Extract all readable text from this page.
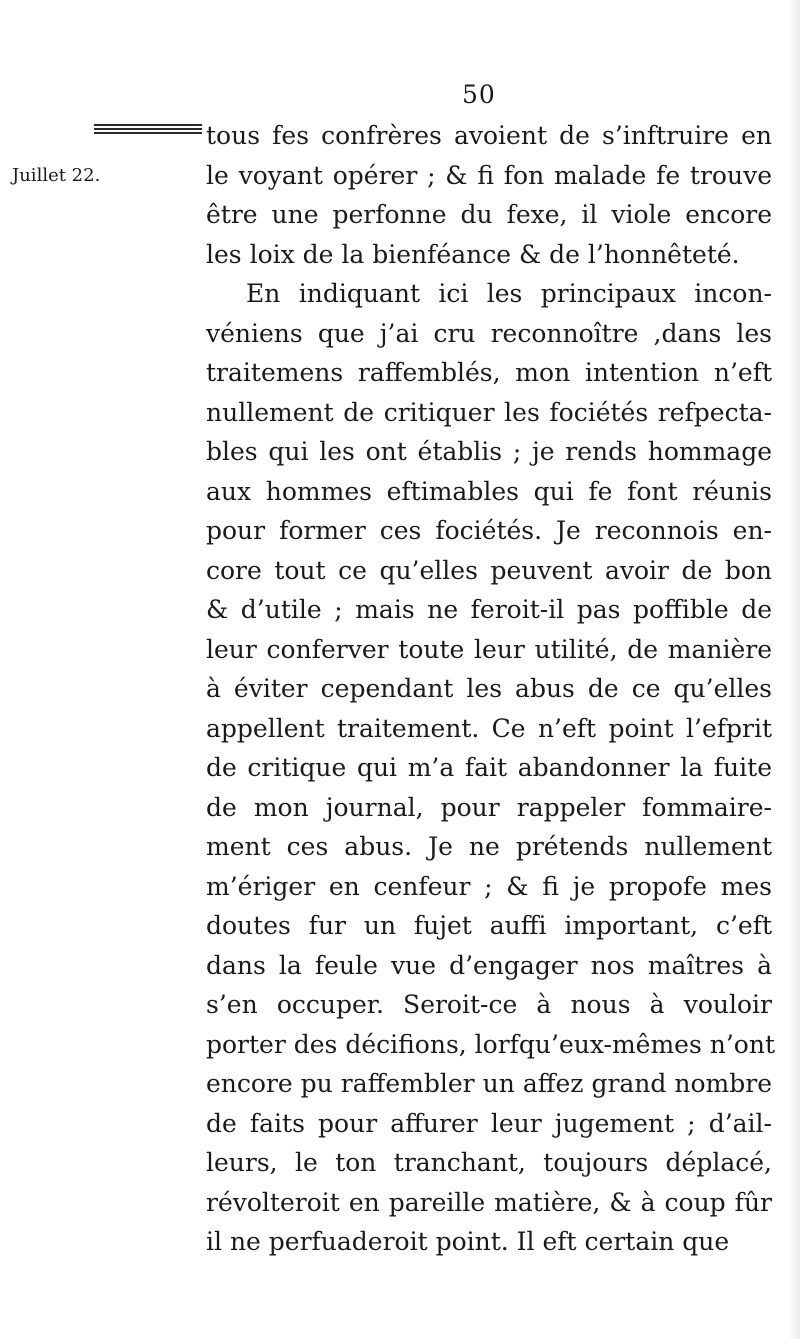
50
Juillet 22.
tous fes confrères avoient de s’inftruire en
le voyant opérer ; & fi fon malade fe trouve
être une perfonne du fexe, il viole encore
les loix de la bienféance & de l’honnêteté.
En indiquant ici les principaux incon-
véniens que j’ai cru reconnoître ,dans les
traitemens raffemblés, mon intention n’eft
nullement de critiquer les fociétés refpecta-
bles qui les ont établis ; je rends hommage
aux hommes eftimables qui fe font réunis
pour former ces fociétés. Je reconnois en-
core tout ce qu’elles peuvent avoir de bon
& d’utile ; mais ne feroit-il pas poffible de
leur conferver toute leur utilité, de manière
à éviter cependant les abus de ce qu’elles
appellent traitement. Ce n’eft point l’efprit
de critique qui m’a fait abandonner la fuite
de mon journal, pour rappeler fommaire-
ment ces abus. Je ne prétends nullement
m’ériger en cenfeur ; & fi je propofe mes
doutes fur un fujet auffi important, c’eft
dans la feule vue d’engager nos maîtres à
s’en occuper. Seroit-ce à nous à vouloir
porter des décifions, lorfqu’eux-mêmes n’ont
encore pu raffembler un affez grand nombre
de faits pour affurer leur jugement ; d’ail-
leurs, le ton tranchant, toujours déplacé,
révolteroit en pareille matière, & à coup fûr
il ne perfuaderoit point. Il eft certain que
